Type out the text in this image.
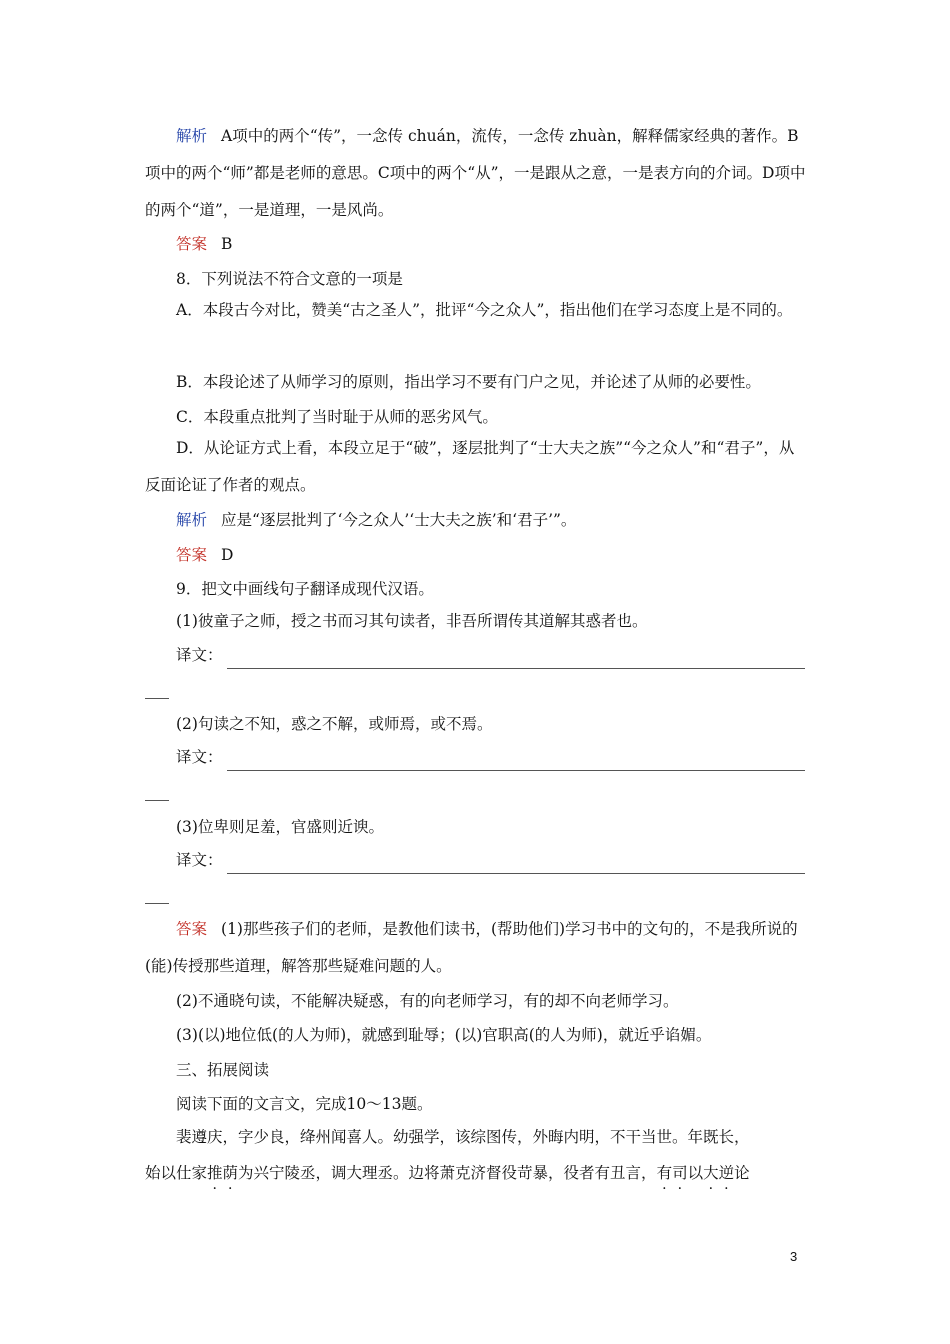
解析 A项中的两个“传”，一念传 chuán，流传，一念传 zhuàn，解释儒家经典的著作。B项中的两个“师”都是老师的意思。C项中的两个“从”，一是跟从之意，一是表方向的介词。D项中的两个“道”，一是道理，一是风尚。

答案 B

8．下列说法不符合文意的一项是

A．本段古今对比，赞美“古之圣人”，批评“今之众人”，指出他们在学习态度上是不同的。

B．本段论述了从师学习的原则，指出学习不要有门户之见，并论述了从师的必要性。

C．本段重点批判了当时耻于从师的恶劣风气。

D．从论证方式上看，本段立足于“破”，逐层批判了“士大夫之族”“今之众人”和“君子”，从反面论证了作者的观点。

解析 应是“逐层批判了‘今之众人’‘士大夫之族’和‘君子’”。

答案 D

9．把文中画线句子翻译成现代汉语。

(1)彼童子之师，授之书而习其句读者，非吾所谓传其道解其惑者也。

译文：

(2)句读之不知，惑之不解，或师焉，或不焉。

译文：

(3)位卑则足羞，官盛则近谀。

译文：

答案 (1)那些孩子们的老师，是教他们读书，(帮助他们)学习书中的文句的，不是我所说的(能)传授那些道理，解答那些疑难问题的人。

(2)不通晓句读，不能解决疑惑，有的向老师学习，有的却不向老师学习。

(3)(以)地位低(的人为师)，就感到耻辱；(以)官职高(的人为师)，就近乎谄媚。

三、拓展阅读

阅读下面的文言文，完成10～13题。

裴遵庆，字少良，绛州闻喜人。幼强学，该综图传，外晦内明，不干当世。年既长，

始以仕家推荫为兴宁陵丞，调大理丞。边将萧克济督役苛暴，役者有丑言，有司以大逆论

3
